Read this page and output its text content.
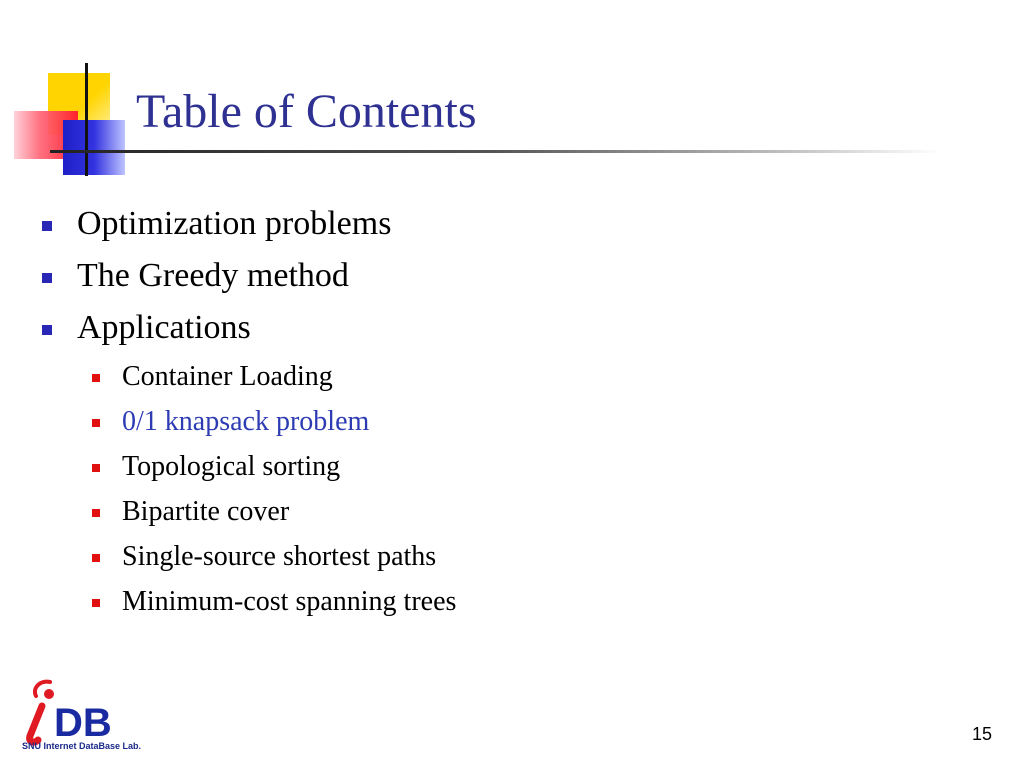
Table of Contents
Optimization problems
The Greedy method
Applications
Container Loading
0/1 knapsack problem
Topological sorting
Bipartite cover
Single-source shortest paths
Minimum-cost spanning trees
DB
SNU Internet DataBase Lab.
15
